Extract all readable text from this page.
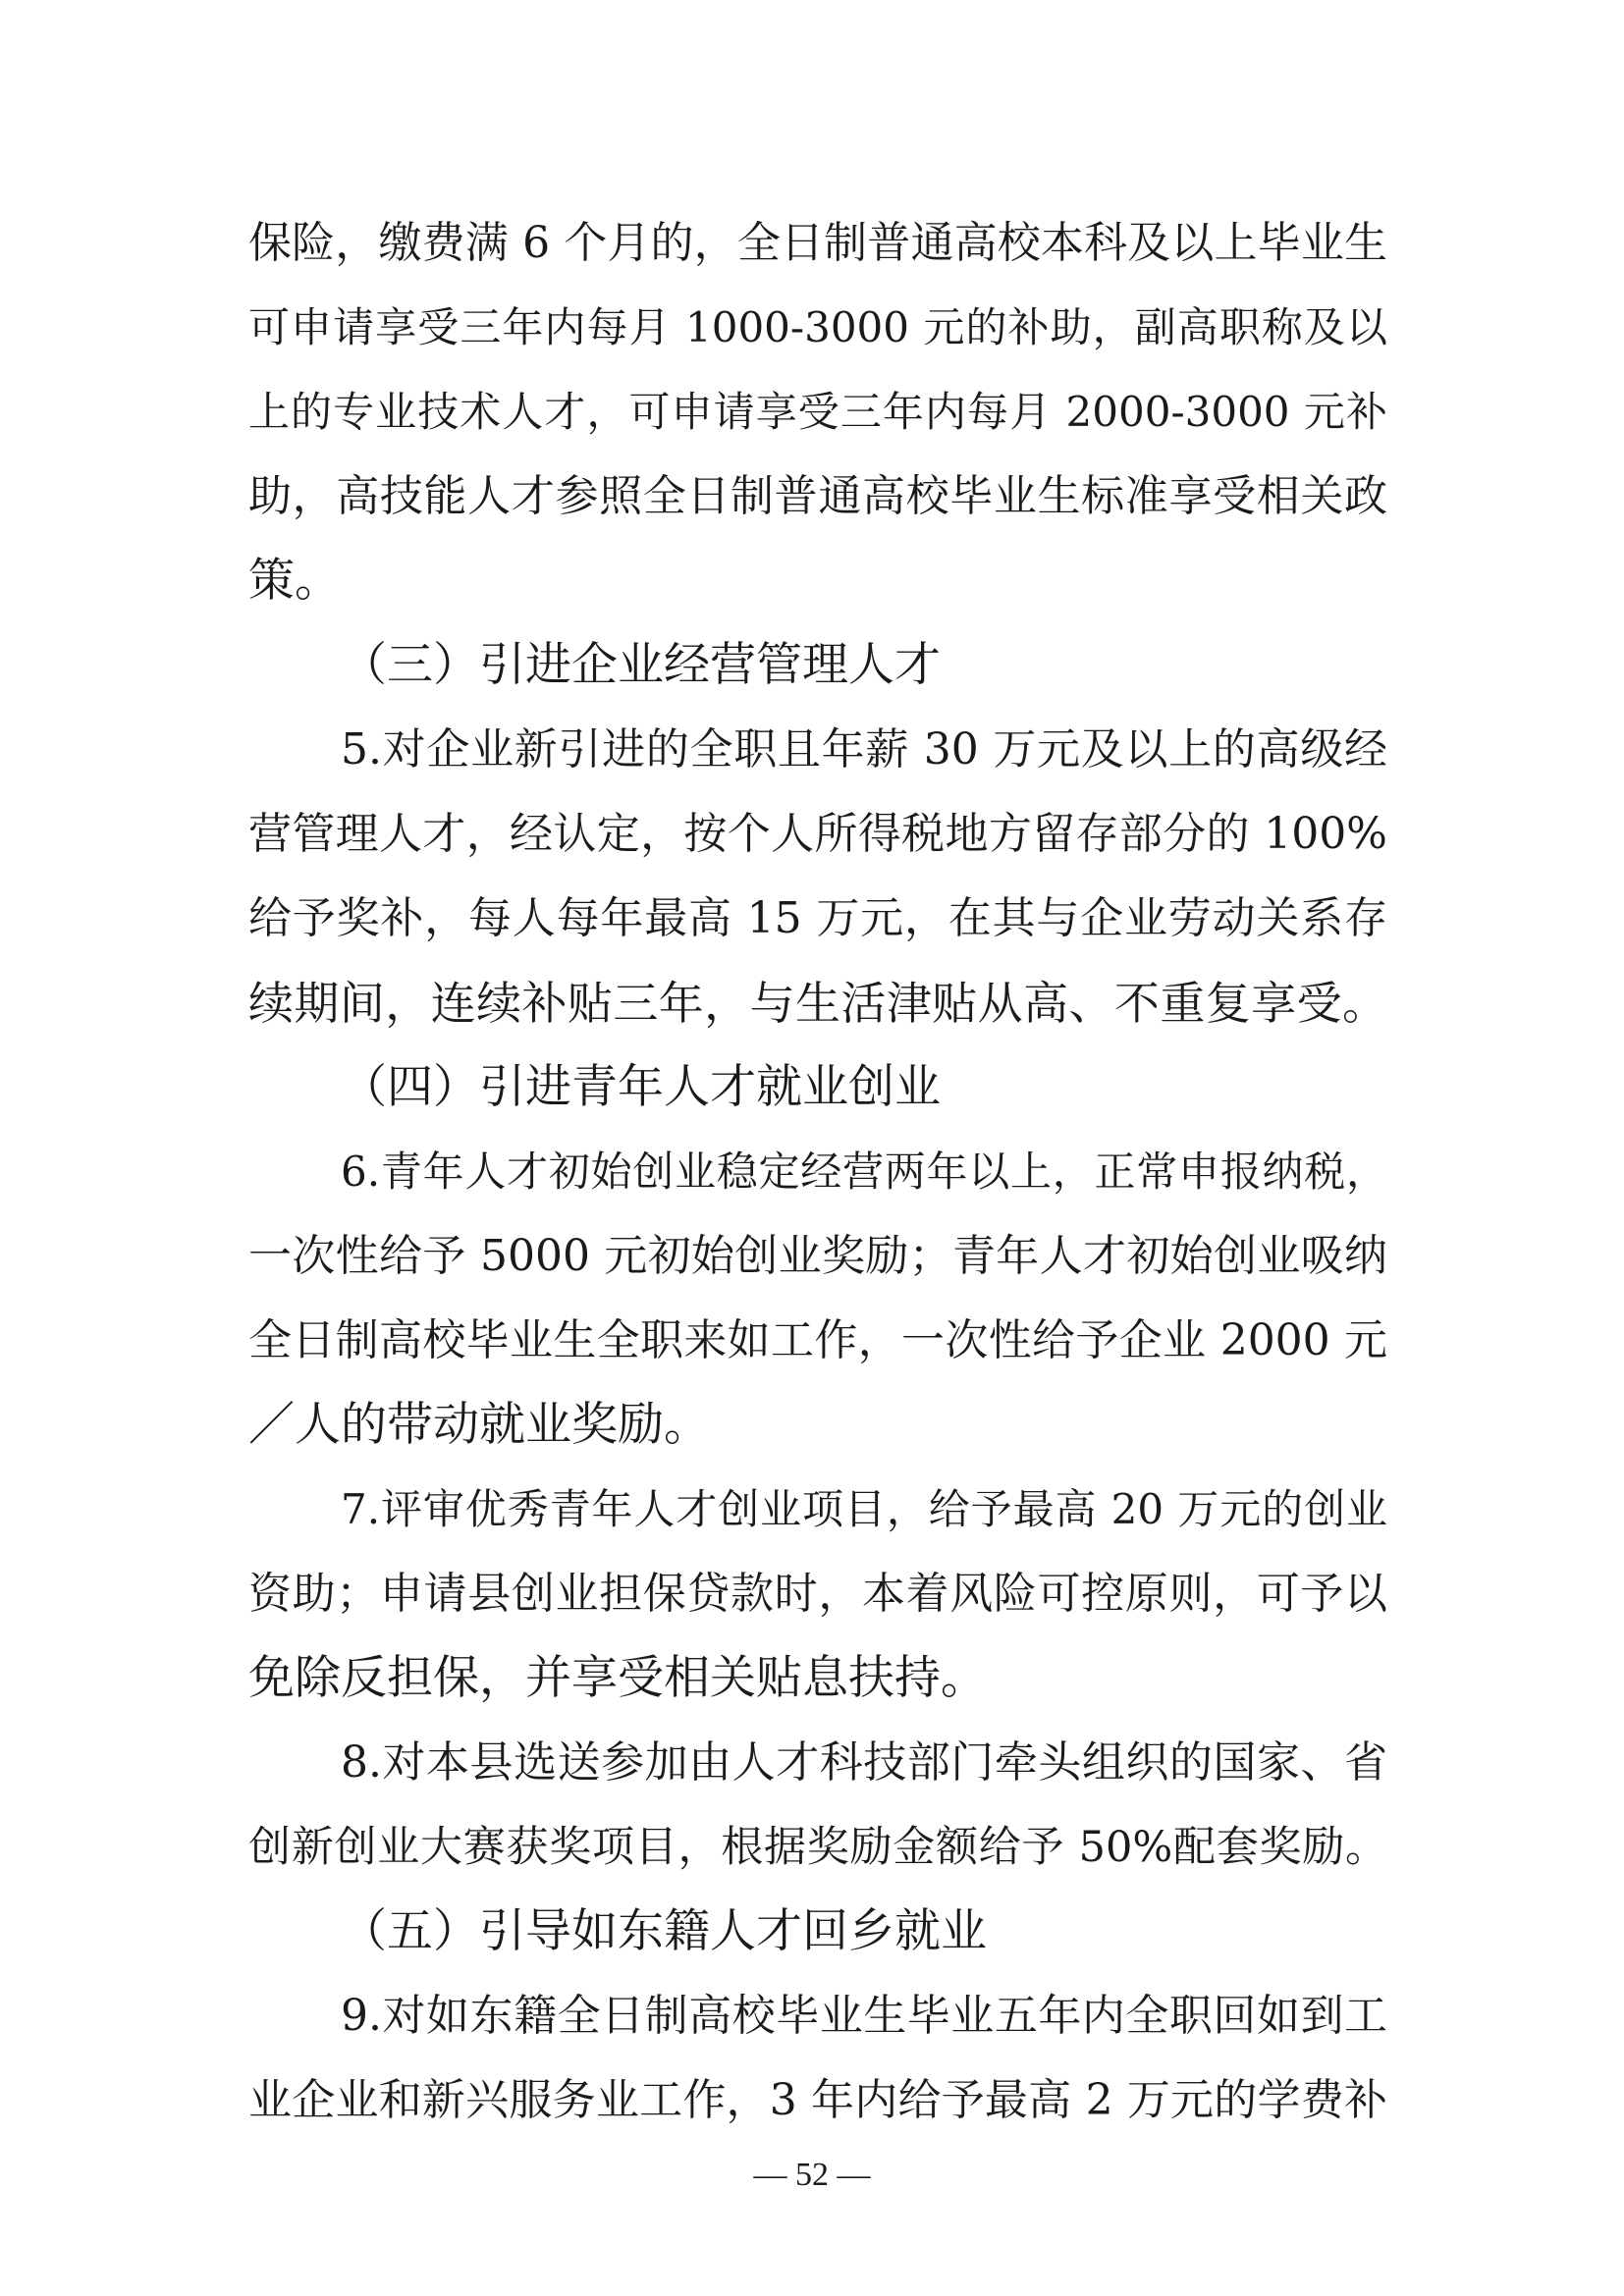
保险，缴费满 6 个月的，全日制普通高校本科及以上毕业生
可申请享受三年内每月 1000-3000 元的补助，副高职称及以
上的专业技术人才，可申请享受三年内每月 2000-3000 元补
助，高技能人才参照全日制普通高校毕业生标准享受相关政
策。
（三）引进企业经营管理人才
5.对企业新引进的全职且年薪 30 万元及以上的高级经
营管理人才，经认定，按个人所得税地方留存部分的 100%
给予奖补，每人每年最高 15 万元，在其与企业劳动关系存
续期间，连续补贴三年，与生活津贴从高、不重复享受。
（四）引进青年人才就业创业
6.青年人才初始创业稳定经营两年以上，正常申报纳税，
一次性给予 5000 元初始创业奖励；青年人才初始创业吸纳
全日制高校毕业生全职来如工作，一次性给予企业 2000 元
／人的带动就业奖励。
7.评审优秀青年人才创业项目，给予最高 20 万元的创业
资助；申请县创业担保贷款时，本着风险可控原则，可予以
免除反担保，并享受相关贴息扶持。
8.对本县选送参加由人才科技部门牵头组织的国家、省
创新创业大赛获奖项目，根据奖励金额给予 50%配套奖励。
（五）引导如东籍人才回乡就业
9.对如东籍全日制高校毕业生毕业五年内全职回如到工
业企业和新兴服务业工作，3 年内给予最高 2 万元的学费补
— 52 —
